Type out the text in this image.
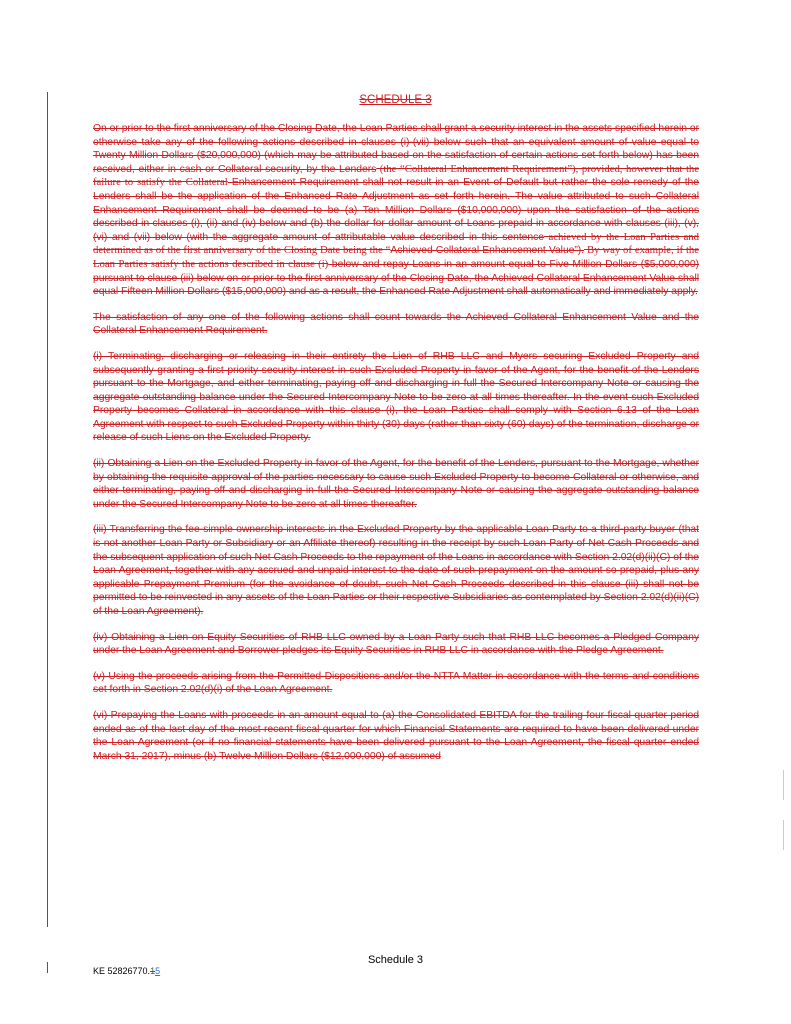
SCHEDULE 3

On or prior to the first anniversary of the Closing Date, the Loan Parties shall grant a security interest in the assets specified herein or otherwise take any of the following actions described in clauses (i)-(vii) below such that an equivalent amount of value equal to Twenty Million Dollars ($20,000,000) (which may be attributed based on the satisfaction of certain actions set forth below) has been received, either in cash or Collateral security, by the Lenders (the “Collateral Enhancement Requirement”), provided, however that the failure to satisfy the Collateral Enhancement Requirement shall not result in an Event of Default but rather the sole remedy of the Lenders shall be the application of the Enhanced Rate Adjustment as set forth herein. The value attributed to such Collateral Enhancement Requirement shall be deemed to be (a) Ten Million Dollars ($10,000,000) upon the satisfaction of the actions described in clauses (i), (ii) and (iv) below and (b) the dollar for dollar amount of Loans prepaid in accordance with clauses (iii), (v), (vi) and (vii) below (with the aggregate amount of attributable value described in this sentence achieved by the Loan Parties and determined as of the first anniversary of the Closing Date being the “Achieved Collateral Enhancement Value”). By way of example, if the Loan Parties satisfy the actions described in clause (i) below and repay Loans in an amount equal to Five Million Dollars ($5,000,000) pursuant to clause (iii) below on or prior to the first anniversary of the Closing Date, the Achieved Collateral Enhancement Value shall equal Fifteen Million Dollars ($15,000,000) and as a result, the Enhanced Rate Adjustment shall automatically and immediately apply.

The satisfaction of any one of the following actions shall count towards the Achieved Collateral Enhancement Value and the Collateral Enhancement Requirement.

(i) Terminating, discharging or releasing in their entirety the Lien of RHB LLC and Myers securing Excluded Property and subsequently granting a first priority security interest in such Excluded Property in favor of the Agent, for the benefit of the Lenders pursuant to the Mortgage, and either terminating, paying off and discharging in full the Secured Intercompany Note or causing the aggregate outstanding balance under the Secured Intercompany Note to be zero at all times thereafter. In the event such Excluded Property becomes Collateral in accordance with this clause (i), the Loan Parties shall comply with Section 6.13 of the Loan Agreement with respect to such Excluded Property within thirty (30) days (rather than sixty (60) days) of the termination, discharge or release of such Liens on the Excluded Property.

(ii) Obtaining a Lien on the Excluded Property in favor of the Agent, for the benefit of the Lenders, pursuant to the Mortgage, whether by obtaining the requisite approval of the parties necessary to cause such Excluded Property to become Collateral or otherwise, and either terminating, paying off and discharging in full the Secured Intercompany Note or causing the aggregate outstanding balance under the Secured Intercompany Note to be zero at all times thereafter.

(iii) Transferring the fee-simple ownership interests in the Excluded Property by the applicable Loan Party to a third-party buyer (that is not another Loan Party or Subsidiary or an Affiliate thereof) resulting in the receipt by such Loan Party of Net Cash Proceeds and the subsequent application of such Net Cash Proceeds to the repayment of the Loans in accordance with Section 2.02(d)(ii)(C) of the Loan Agreement, together with any accrued and unpaid interest to the date of such prepayment on the amount so prepaid, plus any applicable Prepayment Premium (for the avoidance of doubt, such Net Cash Proceeds described in this clause (iii) shall not be permitted to be reinvested in any assets of the Loan Parties or their respective Subsidiaries as contemplated by Section 2.02(d)(ii)(C) of the Loan Agreement).

(iv) Obtaining a Lien on Equity Securities of RHB LLC owned by a Loan Party such that RHB LLC becomes a Pledged Company under the Loan Agreement and Borrower pledges its Equity Securities in RHB LLC in accordance with the Pledge Agreement.

(v) Using the proceeds arising from the Permitted Dispositions and/or the NTTA Matter in accordance with the terms and conditions set forth in Section 2.02(d)(i) of the Loan Agreement.

(vi) Prepaying the Loans with proceeds in an amount equal to (a) the Consolidated EBITDA for the trailing four fiscal quarter period ended as of the last day of the most recent fiscal quarter for which Financial Statements are required to have been delivered under the Loan Agreement (or if no financial statements have been delivered pursuant to the Loan Agreement, the fiscal quarter ended March 31, 2017), minus (b) Twelve Million Dollars ($12,000,000) of assumed

Schedule 3
KE 52826770.15
